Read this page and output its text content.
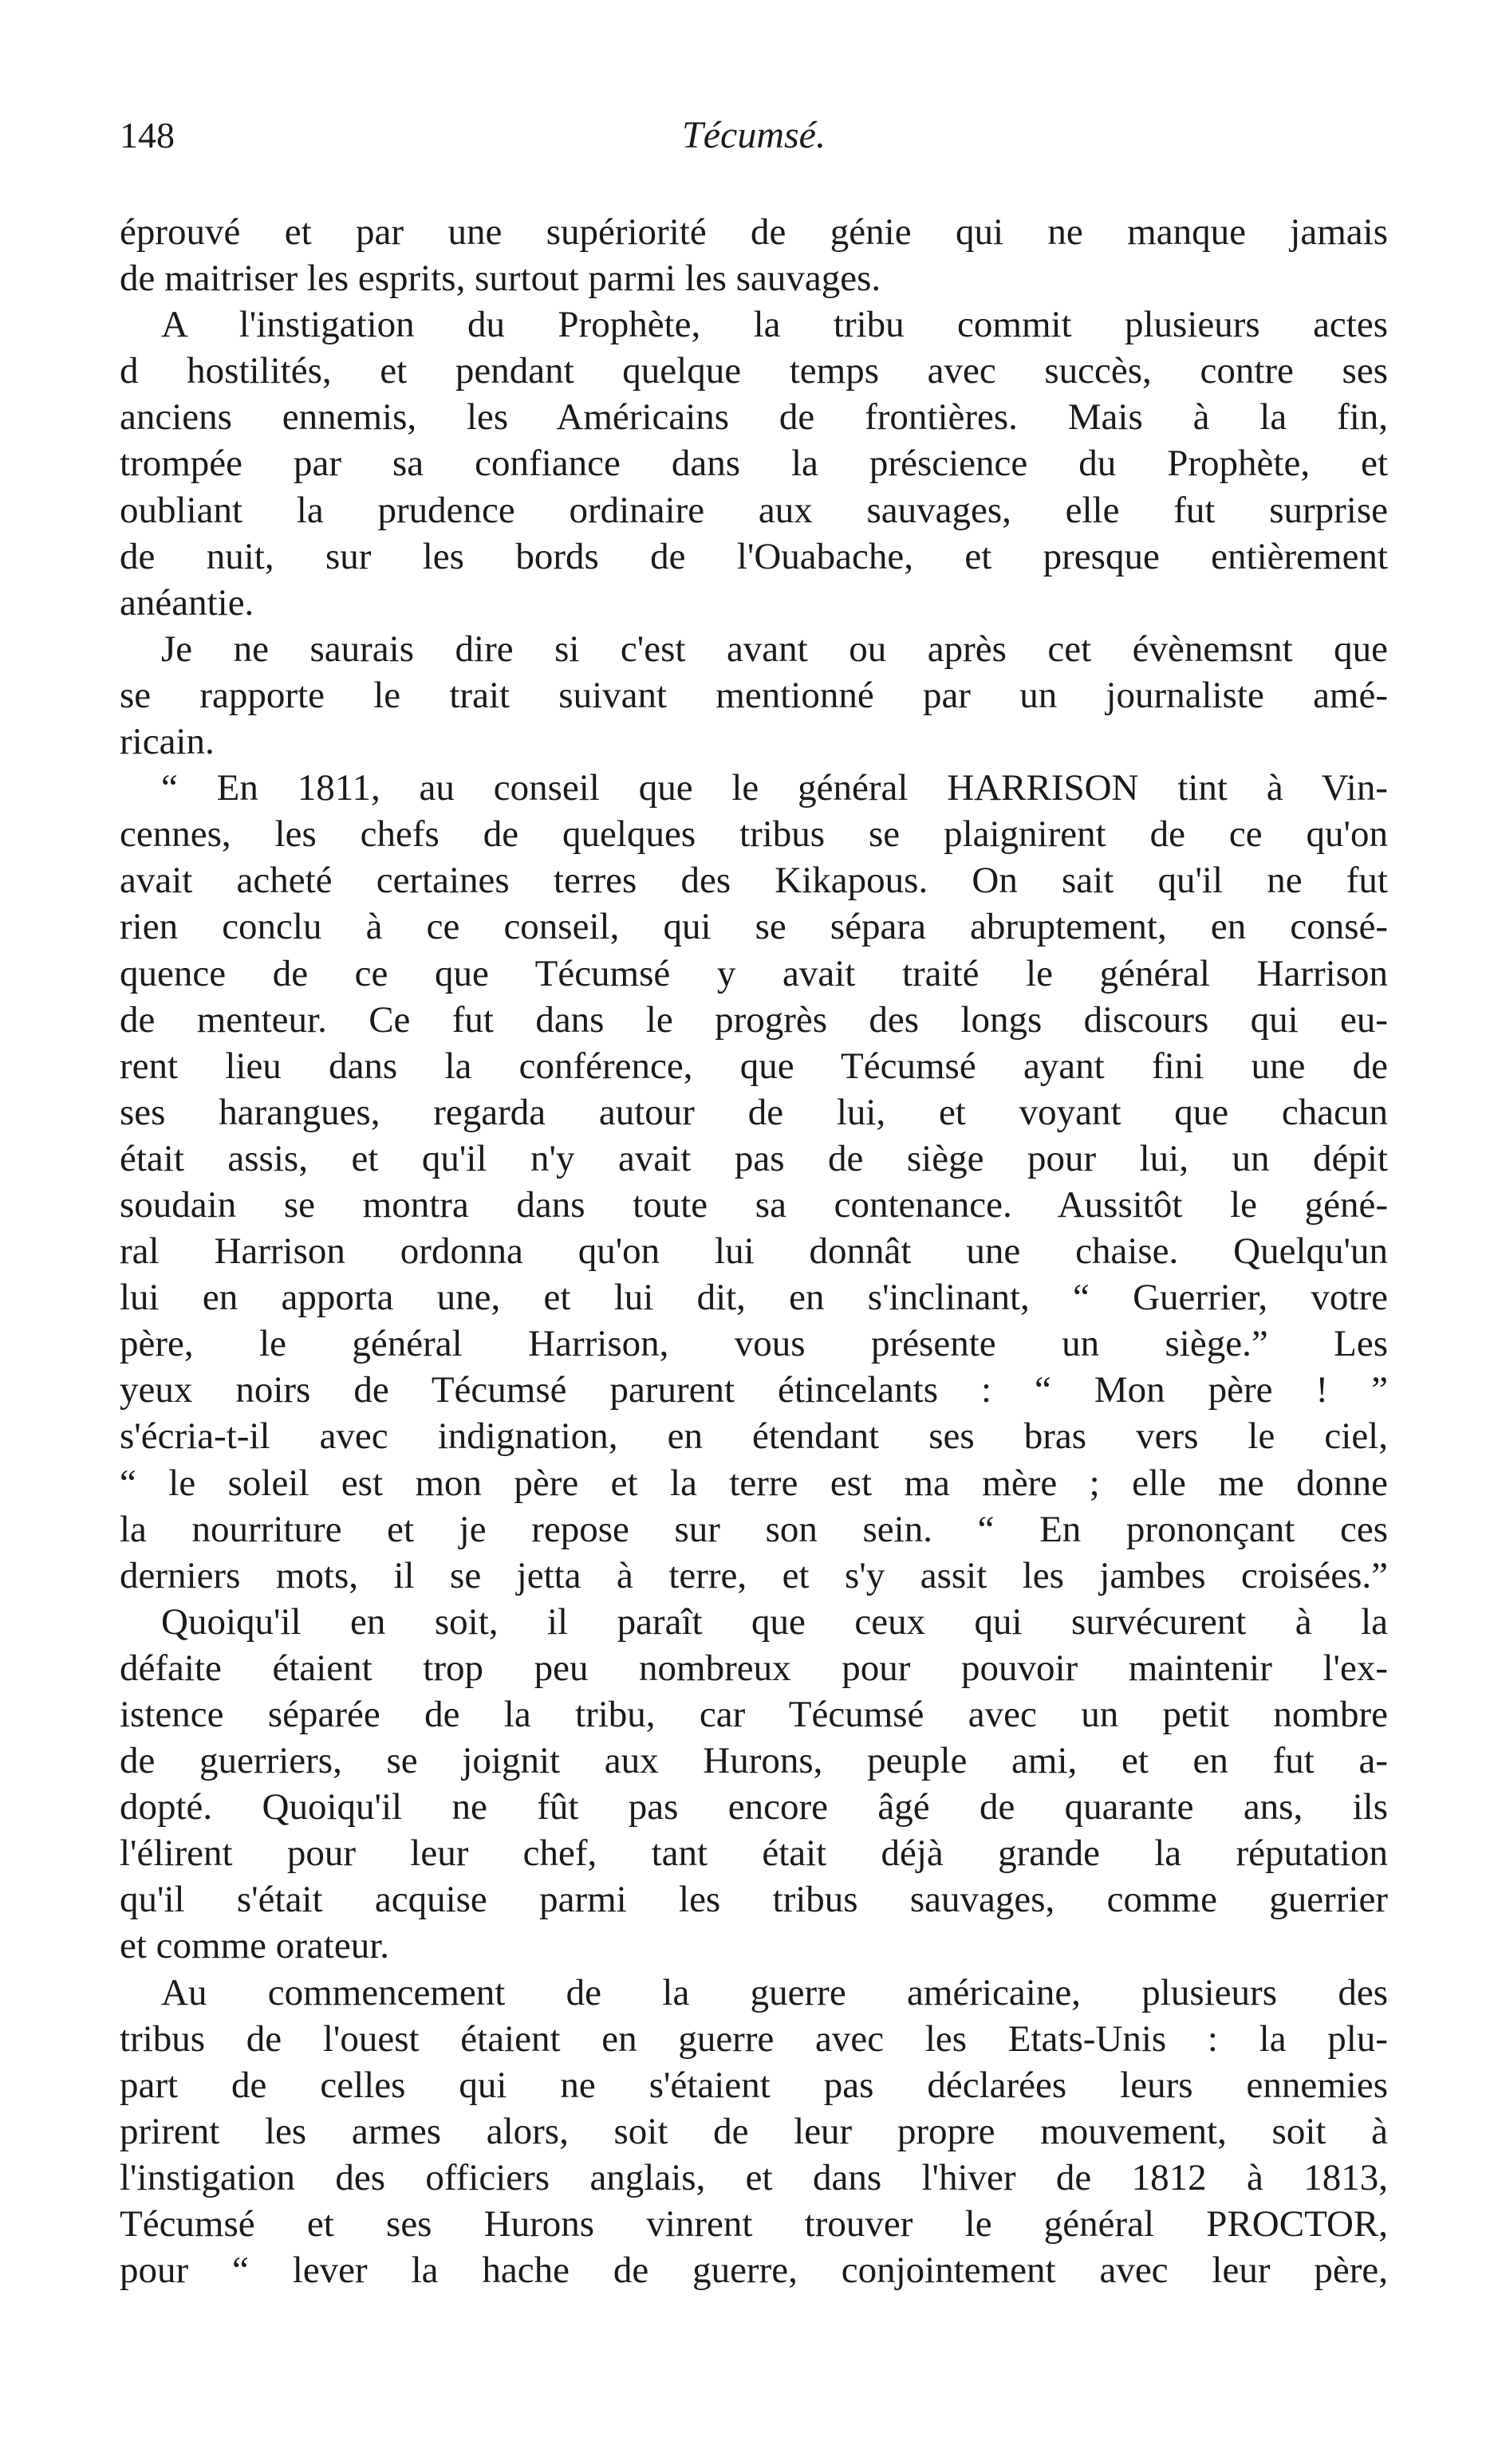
148	Técumsé.
éprouvé et par une supériorité de génie qui ne manque jamais
de maitriser les esprits, surtout parmi les sauvages.
A l'instigation du Prophète, la tribu commit plusieurs actes
d hostilités, et pendant quelque temps avec succès, contre ses
anciens ennemis, les Américains de frontières. Mais à la fin,
trompée par sa confiance dans la préscience du Prophète, et
oubliant la prudence ordinaire aux sauvages, elle fut surprise
de nuit, sur les bords de l'Ouabache, et presque entièrement
anéantie.
Je ne saurais dire si c'est avant ou après cet évènemsnt que
se rapporte le trait suivant mentionné par un journaliste amé-
ricain.
“ En 1811, au conseil que le général HARRISON tint à Vin-
cennes, les chefs de quelques tribus se plaignirent de ce qu'on
avait acheté certaines terres des Kikapous. On sait qu'il ne fut
rien conclu à ce conseil, qui se sépara abruptement, en consé-
quence de ce que Técumsé y avait traité le général Harrison
de menteur. Ce fut dans le progrès des longs discours qui eu-
rent lieu dans la conférence, que Técumsé ayant fini une de
ses harangues, regarda autour de lui, et voyant que chacun
était assis, et qu'il n'y avait pas de siège pour lui, un dépit
soudain se montra dans toute sa contenance. Aussitôt le géné-
ral Harrison ordonna qu'on lui donnât une chaise. Quelqu'un
lui en apporta une, et lui dit, en s'inclinant, “ Guerrier, votre
père, le général Harrison, vous présente un siège.” Les
yeux noirs de Técumsé parurent étincelants : “ Mon père ! ”
s'écria-t-il avec indignation, en étendant ses bras vers le ciel,
“ le soleil est mon père et la terre est ma mère ; elle me donne
la nourriture et je repose sur son sein. “ En prononçant ces
derniers mots, il se jetta à terre, et s'y assit les jambes croisées.”
Quoiqu'il en soit, il paraît que ceux qui survécurent à la
défaite étaient trop peu nombreux pour pouvoir maintenir l'ex-
istence séparée de la tribu, car Técumsé avec un petit nombre
de guerriers, se joignit aux Hurons, peuple ami, et en fut a-
dopté. Quoiqu'il ne fût pas encore âgé de quarante ans, ils
l'élirent pour leur chef, tant était déjà grande la réputation
qu'il s'était acquise parmi les tribus sauvages, comme guerrier
et comme orateur.
Au commencement de la guerre américaine, plusieurs des
tribus de l'ouest étaient en guerre avec les Etats-Unis : la plu-
part de celles qui ne s'étaient pas déclarées leurs ennemies
prirent les armes alors, soit de leur propre mouvement, soit à
l'instigation des officiers anglais, et dans l'hiver de 1812 à 1813,
Técumsé et ses Hurons vinrent trouver le général PROCTOR,
pour “ lever la hache de guerre, conjointement avec leur père,
